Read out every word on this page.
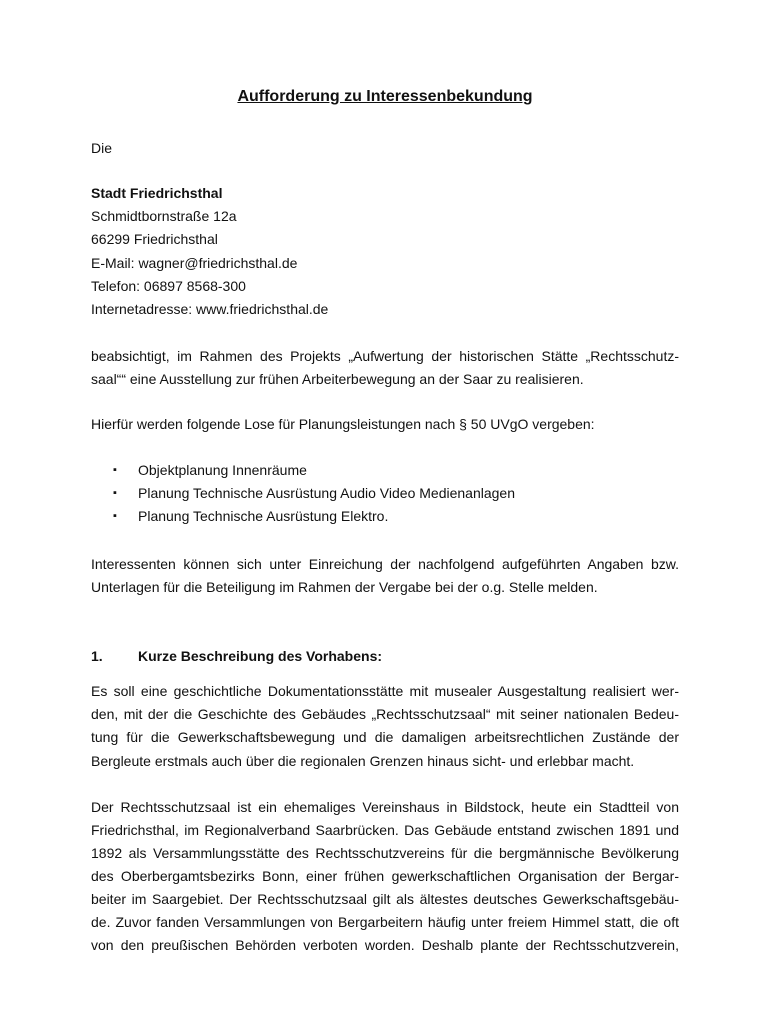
Aufforderung zu Interessenbekundung
Die
Stadt Friedrichsthal
Schmidtbornstraße 12a
66299 Friedrichsthal
E-Mail: wagner@friedrichsthal.de
Telefon: 06897 8568-300
Internetadresse: www.friedrichsthal.de
beabsichtigt, im Rahmen des Projekts „Aufwertung der historischen Stätte „Rechtsschutz-
saal““ eine Ausstellung zur frühen Arbeiterbewegung an der Saar zu realisieren.
Hierfür werden folgende Lose für Planungsleistungen nach § 50 UVgO vergeben:
▪ Objektplanung Innenräume
▪ Planung Technische Ausrüstung Audio Video Medienanlagen
▪ Planung Technische Ausrüstung Elektro.
Interessenten können sich unter Einreichung der nachfolgend aufgeführten Angaben bzw.
Unterlagen für die Beteiligung im Rahmen der Vergabe bei der o.g. Stelle melden.
1.	Kurze Beschreibung des Vorhabens:
Es soll eine geschichtliche Dokumentationsstätte mit musealer Ausgestaltung realisiert wer-
den, mit der die Geschichte des Gebäudes „Rechtsschutzsaal“ mit seiner nationalen Bedeu-
tung für die Gewerkschaftsbewegung und die damaligen arbeitsrechtlichen Zustände der
Bergleute erstmals auch über die regionalen Grenzen hinaus sicht- und erlebbar macht.
Der Rechtsschutzsaal ist ein ehemaliges Vereinshaus in Bildstock, heute ein Stadtteil von
Friedrichsthal, im Regionalverband Saarbrücken. Das Gebäude entstand zwischen 1891 und
1892 als Versammlungsstätte des Rechtsschutzvereins für die bergmännische Bevölkerung
des Oberbergamtsbezirks Bonn, einer frühen gewerkschaftlichen Organisation der Bergar-
beiter im Saargebiet. Der Rechtsschutzsaal gilt als ältestes deutsches Gewerkschaftsgebäu-
de. Zuvor fanden Versammlungen von Bergarbeitern häufig unter freiem Himmel statt, die oft
von den preußischen Behörden verboten worden. Deshalb plante der Rechtsschutzverein,
